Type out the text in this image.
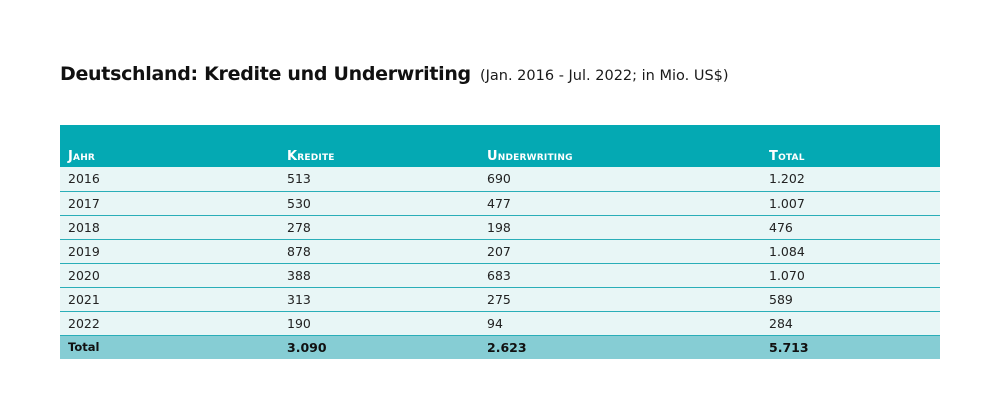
Deutschland: Kredite und Underwriting (Jan. 2016 - Jul. 2022; in Mio. US$)
Jahr	Kredite	Underwriting	Total
2016	513	690	1.202
2017	530	477	1.007
2018	278	198	476
2019	878	207	1.084
2020	388	683	1.070
2021	313	275	589
2022	190	94	284
Total	3.090	2.623	5.713
